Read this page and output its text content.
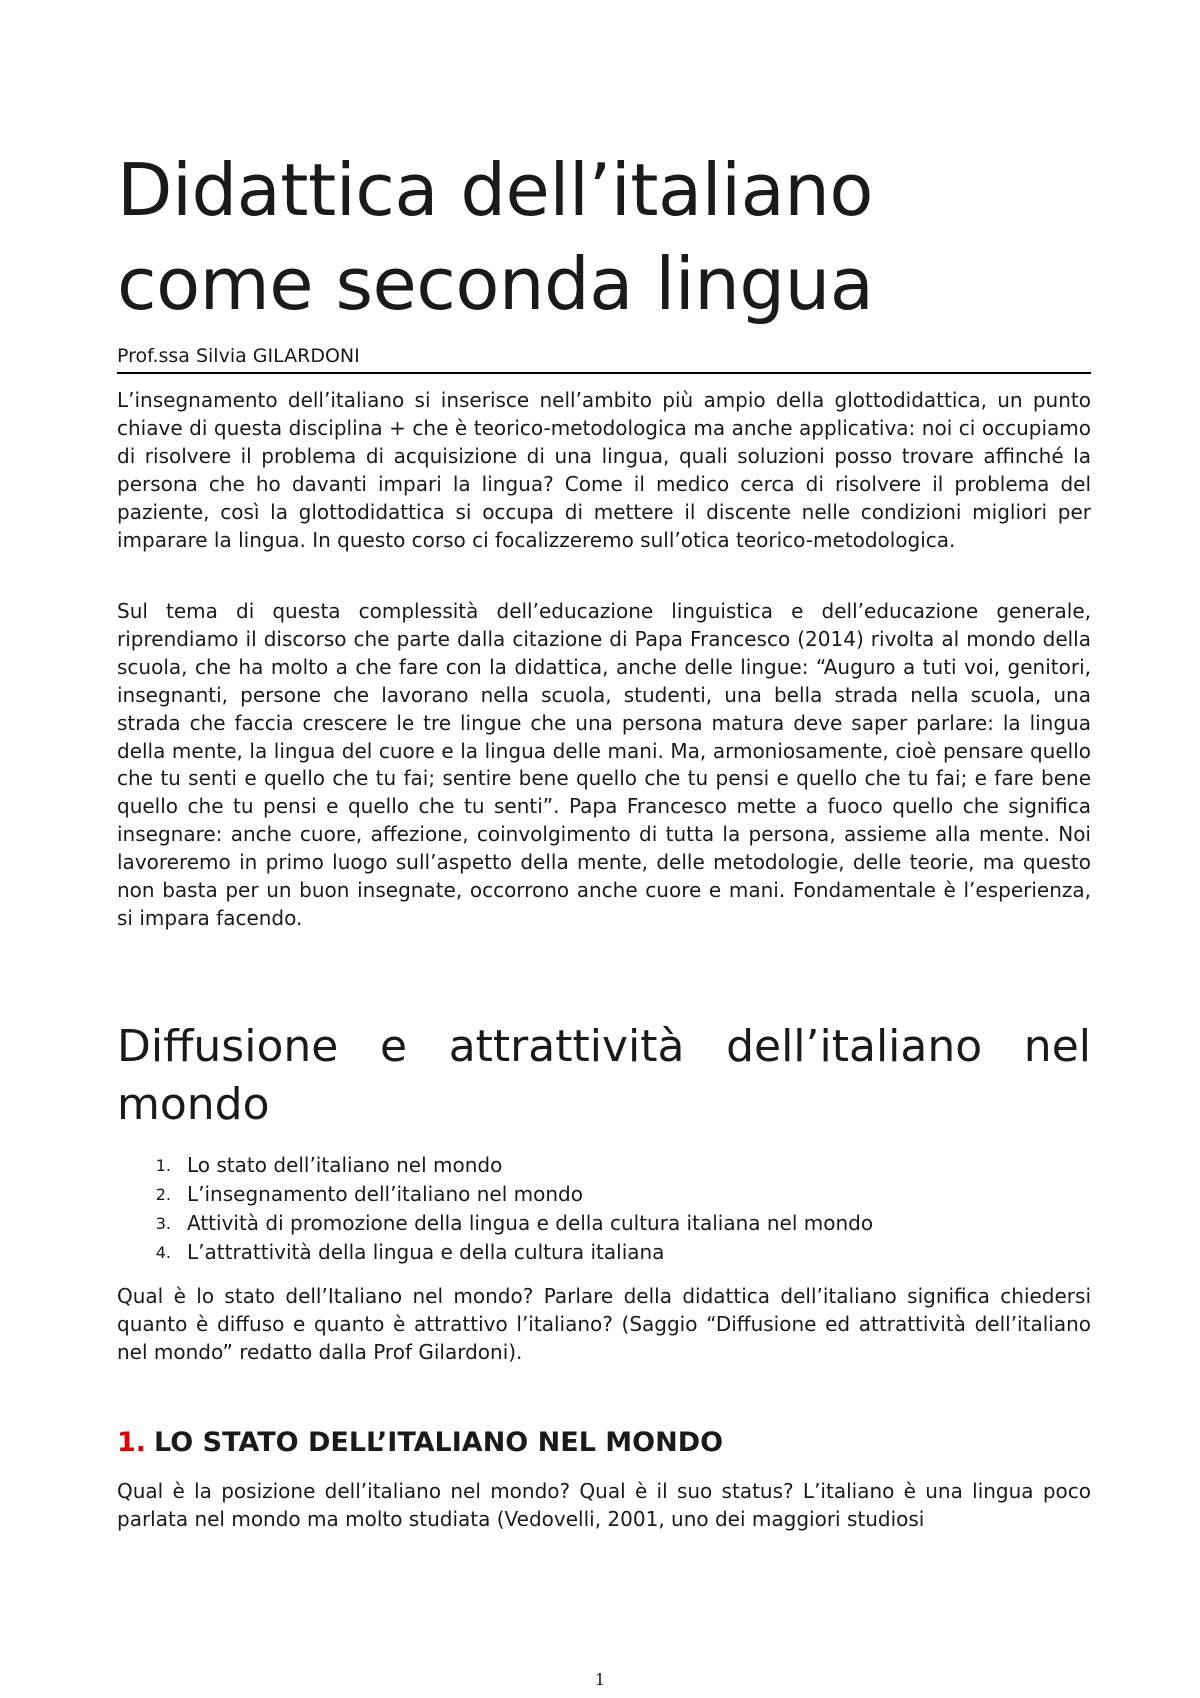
Didattica dell’italiano come seconda lingua
Prof.ssa Silvia GILARDONI

L’insegnamento dell’italiano si inserisce nell’ambito più ampio della glottodidattica, un punto chiave di questa disciplina + che è teorico-metodologica ma anche applicativa: noi ci occupiamo di risolvere il problema di acquisizione di una lingua, quali soluzioni posso trovare affinché la persona che ho davanti impari la lingua? Come il medico cerca di risolvere il problema del paziente, così la glottodidattica si occupa di mettere il discente nelle condizioni migliori per imparare la lingua. In questo corso ci focalizzeremo sull’otica teorico-metodologica.

Sul tema di questa complessità dell’educazione linguistica e dell’educazione generale, riprendiamo il discorso che parte dalla citazione di Papa Francesco (2014) rivolta al mondo della scuola, che ha molto a che fare con la didattica, anche delle lingue: “Auguro a tuti voi, genitori, insegnanti, persone che lavorano nella scuola, studenti, una bella strada nella scuola, una strada che faccia crescere le tre lingue che una persona matura deve saper parlare: la lingua della mente, la lingua del cuore e la lingua delle mani. Ma, armoniosamente, cioè pensare quello che tu senti e quello che tu fai; sentire bene quello che tu pensi e quello che tu fai; e fare bene quello che tu pensi e quello che tu senti”. Papa Francesco mette a fuoco quello che significa insegnare: anche cuore, affezione, coinvolgimento di tutta la persona, assieme alla mente. Noi lavoreremo in primo luogo sull’aspetto della mente, delle metodologie, delle teorie, ma questo non basta per un buon insegnate, occorrono anche cuore e mani. Fondamentale è l’esperienza, si impara facendo.

Diffusione e attrattività dell’italiano nel mondo
1. Lo stato dell’italiano nel mondo
2. L’insegnamento dell’italiano nel mondo
3. Attività di promozione della lingua e della cultura italiana nel mondo
4. L’attrattività della lingua e della cultura italiana

Qual è lo stato dell’Italiano nel mondo? Parlare della didattica dell’italiano significa chiedersi quanto è diffuso e quanto è attrattivo l’italiano? (Saggio “Diffusione ed attrattività dell’italiano nel mondo” redatto dalla Prof Gilardoni).

1. LO STATO DELL’ITALIANO NEL MONDO

Qual è la posizione dell’italiano nel mondo? Qual è il suo status? L’italiano è una lingua poco parlata nel mondo ma molto studiata (Vedovelli, 2001, uno dei maggiori studiosi

1
